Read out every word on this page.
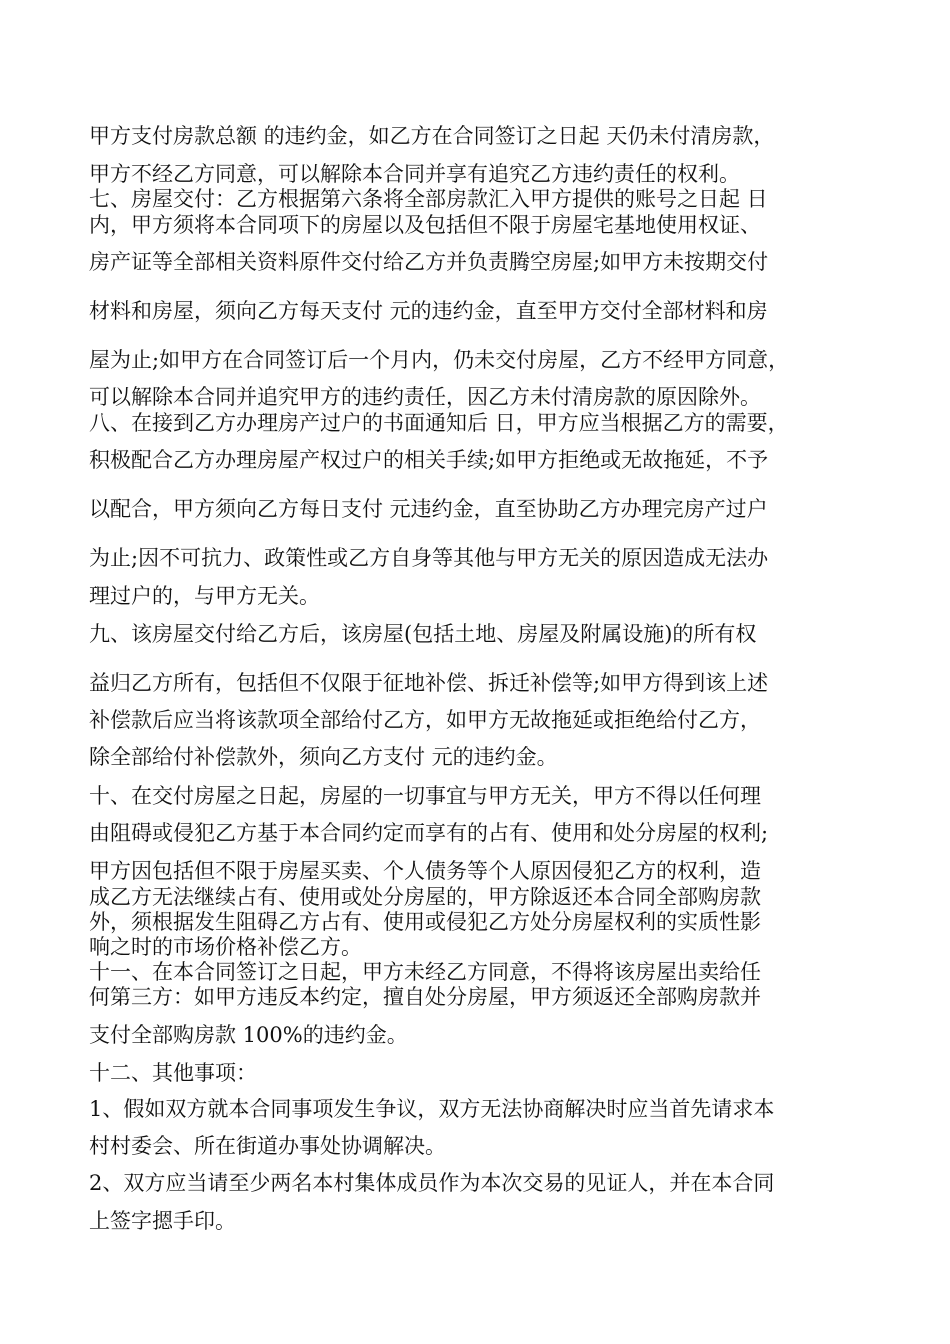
甲方支付房款总额 的违约金，如乙方在合同签订之日起 天仍未付清房款，
甲方不经乙方同意，可以解除本合同并享有追究乙方违约责任的权利。
七、房屋交付：乙方根据第六条将全部房款汇入甲方提供的账号之日起 日
内，甲方须将本合同项下的房屋以及包括但不限于房屋宅基地使用权证、
房产证等全部相关资料原件交付给乙方并负责腾空房屋;如甲方未按期交付
材料和房屋，须向乙方每天支付 元的违约金，直至甲方交付全部材料和房
屋为止;如甲方在合同签订后一个月内，仍未交付房屋，乙方不经甲方同意，
可以解除本合同并追究甲方的违约责任，因乙方未付清房款的原因除外。
八、在接到乙方办理房产过户的书面通知后 日，甲方应当根据乙方的需要，
积极配合乙方办理房屋产权过户的相关手续;如甲方拒绝或无故拖延，不予
以配合，甲方须向乙方每日支付 元违约金，直至协助乙方办理完房产过户
为止;因不可抗力、政策性或乙方自身等其他与甲方无关的原因造成无法办
理过户的，与甲方无关。
九、该房屋交付给乙方后，该房屋(包括土地、房屋及附属设施)的所有权
益归乙方所有，包括但不仅限于征地补偿、拆迁补偿等;如甲方得到该上述
补偿款后应当将该款项全部给付乙方，如甲方无故拖延或拒绝给付乙方，
除全部给付补偿款外，须向乙方支付 元的违约金。
十、在交付房屋之日起，房屋的一切事宜与甲方无关，甲方不得以任何理
由阻碍或侵犯乙方基于本合同约定而享有的占有、使用和处分房屋的权利;
甲方因包括但不限于房屋买卖、个人债务等个人原因侵犯乙方的权利，造
成乙方无法继续占有、使用或处分房屋的，甲方除返还本合同全部购房款
外，须根据发生阻碍乙方占有、使用或侵犯乙方处分房屋权利的实质性影
响之时的市场价格补偿乙方。
十一、在本合同签订之日起，甲方未经乙方同意，不得将该房屋出卖给任
何第三方：如甲方违反本约定，擅自处分房屋，甲方须返还全部购房款并
支付全部购房款 100%的违约金。
十二、其他事项：
1、假如双方就本合同事项发生争议，双方无法协商解决时应当首先请求本
村村委会、所在街道办事处协调解决。
2、双方应当请至少两名本村集体成员作为本次交易的见证人，并在本合同
上签字摁手印。
